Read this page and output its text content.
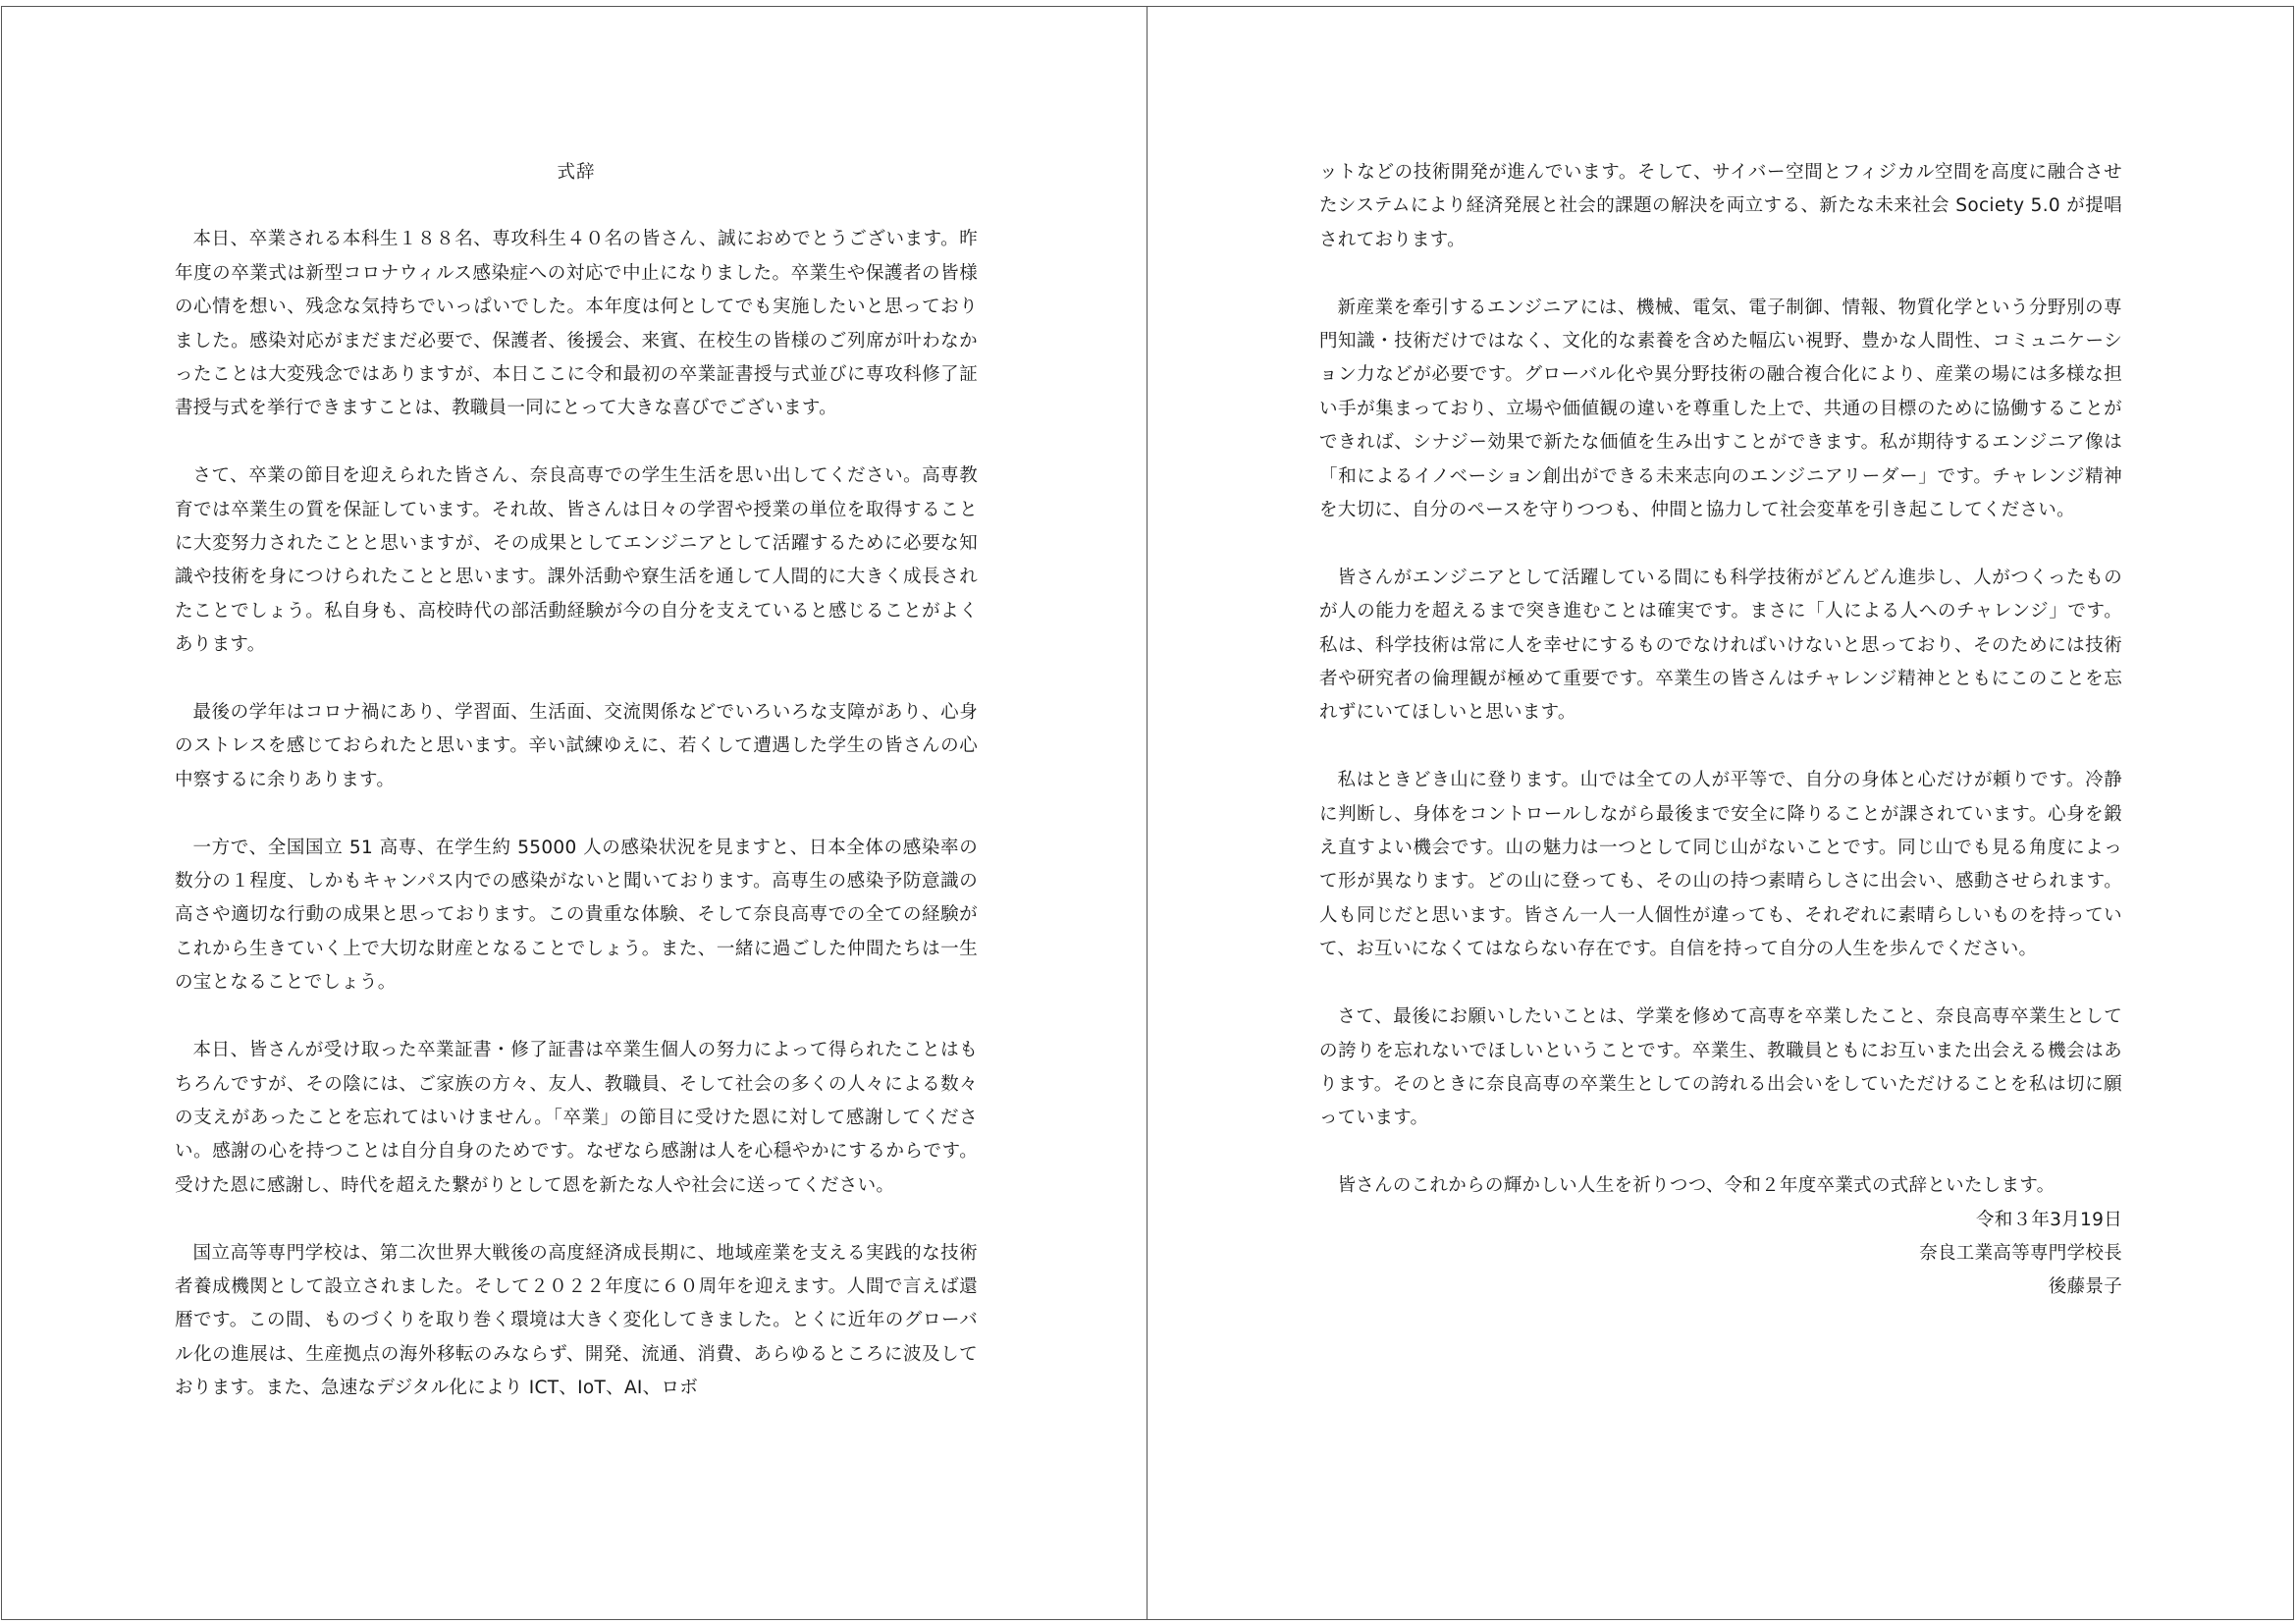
式辞

本日、卒業される本科生１８８名、専攻科生４０名の皆さん、誠におめでとうございます。昨年度の卒業式は新型コロナウィルス感染症への対応で中止になりました。卒業生や保護者の皆様の心情を想い、残念な気持ちでいっぱいでした。本年度は何としてでも実施したいと思っておりました。感染対応がまだまだ必要で、保護者、後援会、来賓、在校生の皆様のご列席が叶わなかったことは大変残念ではありますが、本日ここに令和最初の卒業証書授与式並びに専攻科修了証書授与式を挙行できますことは、教職員一同にとって大きな喜びでございます。

さて、卒業の節目を迎えられた皆さん、奈良高専での学生生活を思い出してください。高専教育では卒業生の質を保証しています。それ故、皆さんは日々の学習や授業の単位を取得することに大変努力されたことと思いますが、その成果としてエンジニアとして活躍するために必要な知識や技術を身につけられたことと思います。課外活動や寮生活を通して人間的に大きく成長されたことでしょう。私自身も、高校時代の部活動経験が今の自分を支えていると感じることがよくあります。

最後の学年はコロナ禍にあり、学習面、生活面、交流関係などでいろいろな支障があり、心身のストレスを感じておられたと思います。辛い試練ゆえに、若くして遭遇した学生の皆さんの心中察するに余りあります。

一方で、全国国立 51 高専、在学生約 55000 人の感染状況を見ますと、日本全体の感染率の数分の１程度、しかもキャンパス内での感染がないと聞いております。高専生の感染予防意識の高さや適切な行動の成果と思っております。この貴重な体験、そして奈良高専での全ての経験がこれから生きていく上で大切な財産となることでしょう。また、一緒に過ごした仲間たちは一生の宝となることでしょう。

本日、皆さんが受け取った卒業証書・修了証書は卒業生個人の努力によって得られたことはもちろんですが、その陰には、ご家族の方々、友人、教職員、そして社会の多くの人々による数々の支えがあったことを忘れてはいけません。「卒業」の節目に受けた恩に対して感謝してください。感謝の心を持つことは自分自身のためです。なぜなら感謝は人を心穏やかにするからです。受けた恩に感謝し、時代を超えた繋がりとして恩を新たな人や社会に送ってください。

国立高等専門学校は、第二次世界大戦後の高度経済成長期に、地域産業を支える実践的な技術者養成機関として設立されました。そして２０２２年度に６０周年を迎えます。人間で言えば還暦です。この間、ものづくりを取り巻く環境は大きく変化してきました。とくに近年のグローバル化の進展は、生産拠点の海外移転のみならず、開発、流通、消費、あらゆるところに波及しております。また、急速なデジタル化により ICT、IoT、AI、ロボ

ットなどの技術開発が進んでいます。そして、サイバー空間とフィジカル空間を高度に融合させたシステムにより経済発展と社会的課題の解決を両立する、新たな未来社会 Society 5.0 が提唱されております。

新産業を牽引するエンジニアには、機械、電気、電子制御、情報、物質化学という分野別の専門知識・技術だけではなく、文化的な素養を含めた幅広い視野、豊かな人間性、コミュニケーション力などが必要です。グローバル化や異分野技術の融合複合化により、産業の場には多様な担い手が集まっており、立場や価値観の違いを尊重した上で、共通の目標のために協働することができれば、シナジー効果で新たな価値を生み出すことができます。私が期待するエンジニア像は「和によるイノベーション創出ができる未来志向のエンジニアリーダー」です。チャレンジ精神を大切に、自分のペースを守りつつも、仲間と協力して社会変革を引き起こしてください。

皆さんがエンジニアとして活躍している間にも科学技術がどんどん進歩し、人がつくったものが人の能力を超えるまで突き進むことは確実です。まさに「人による人へのチャレンジ」です。私は、科学技術は常に人を幸せにするものでなければいけないと思っており、そのためには技術者や研究者の倫理観が極めて重要です。卒業生の皆さんはチャレンジ精神とともにこのことを忘れずにいてほしいと思います。

私はときどき山に登ります。山では全ての人が平等で、自分の身体と心だけが頼りです。冷静に判断し、身体をコントロールしながら最後まで安全に降りることが課されています。心身を鍛え直すよい機会です。山の魅力は一つとして同じ山がないことです。同じ山でも見る角度によって形が異なります。どの山に登っても、その山の持つ素晴らしさに出会い、感動させられます。人も同じだと思います。皆さん一人一人個性が違っても、それぞれに素晴らしいものを持っていて、お互いになくてはならない存在です。自信を持って自分の人生を歩んでください。

さて、最後にお願いしたいことは、学業を修めて高専を卒業したこと、奈良高専卒業生としての誇りを忘れないでほしいということです。卒業生、教職員ともにお互いまた出会える機会はあります。そのときに奈良高専の卒業生としての誇れる出会いをしていただけることを私は切に願っています。

皆さんのこれからの輝かしい人生を祈りつつ、令和２年度卒業式の式辞といたします。

令和３年3月19日
奈良工業高等専門学校長
後藤景子
